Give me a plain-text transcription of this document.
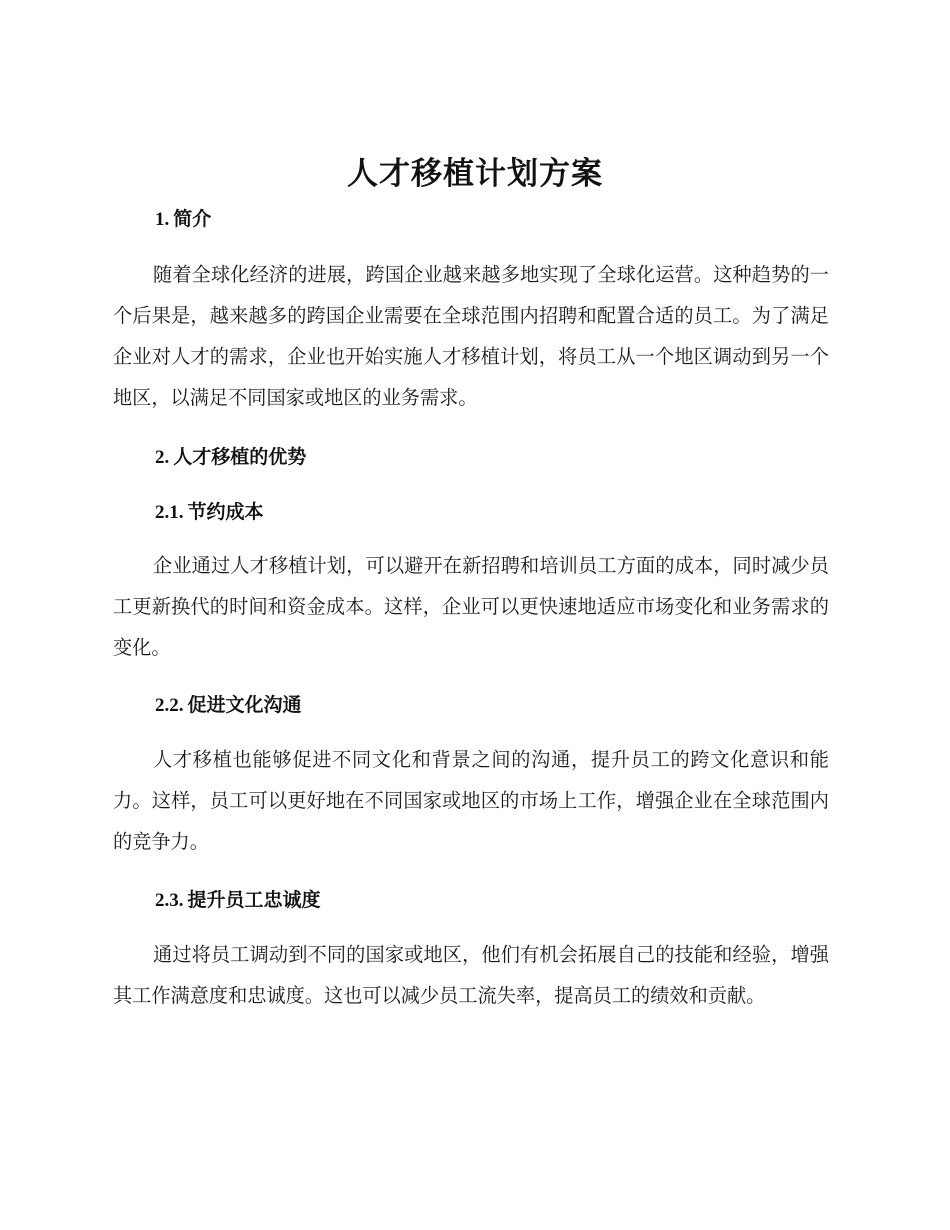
人才移植计划方案
1. 简介

随着全球化经济的进展，跨国企业越来越多地实现了全球化运营。这种趋势的一个后果是，越来越多的跨国企业需要在全球范围内招聘和配置合适的员工。为了满足企业对人才的需求，企业也开始实施人才移植计划，将员工从一个地区调动到另一个地区，以满足不同国家或地区的业务需求。

2. 人才移植的优势
2.1. 节约成本

企业通过人才移植计划，可以避开在新招聘和培训员工方面的成本，同时减少员工更新换代的时间和资金成本。这样，企业可以更快速地适应市场变化和业务需求的变化。

2.2. 促进文化沟通

人才移植也能够促进不同文化和背景之间的沟通，提升员工的跨文化意识和能力。这样，员工可以更好地在不同国家或地区的市场上工作，增强企业在全球范围内的竞争力。

2.3. 提升员工忠诚度

通过将员工调动到不同的国家或地区，他们有机会拓展自己的技能和经验，增强其工作满意度和忠诚度。这也可以减少员工流失率，提高员工的绩效和贡献。
